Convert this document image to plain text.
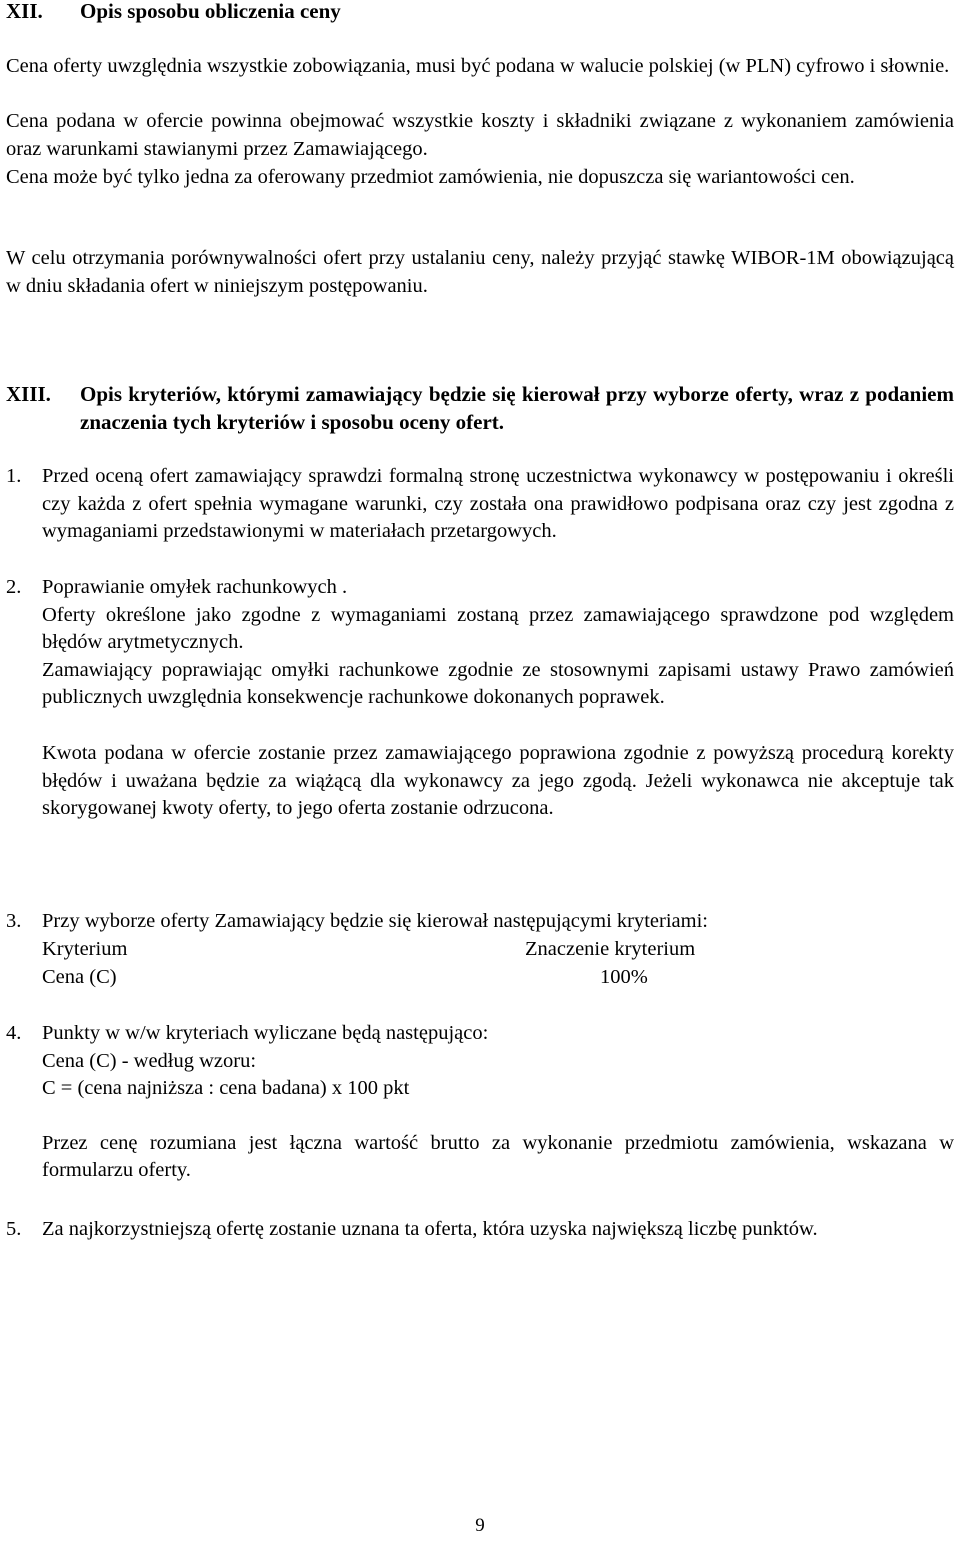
XII. Opis sposobu obliczenia ceny

Cena oferty uwzględnia wszystkie zobowiązania, musi być podana w walucie polskiej (w PLN) cyfrowo i słownie.

Cena podana w ofercie powinna obejmować wszystkie koszty i składniki związane z wykonaniem zamówienia oraz warunkami stawianymi przez Zamawiającego.

Cena może być tylko jedna za oferowany przedmiot zamówienia, nie dopuszcza się wariantowości cen.

W celu otrzymania porównywalności ofert przy ustalaniu ceny, należy przyjąć stawkę WIBOR-1M obowiązującą w dniu składania ofert w niniejszym postępowaniu.

XIII. Opis kryteriów, którymi zamawiający będzie się kierował przy wyborze oferty, wraz z podaniem znaczenia tych kryteriów i sposobu oceny ofert.
1. Przed oceną ofert zamawiający sprawdzi formalną stronę uczestnictwa wykonawcy w postępowaniu i określi czy każda z ofert spełnia wymagane warunki, czy została ona prawidłowo podpisana oraz czy jest zgodna z wymaganiami przedstawionymi w materiałach przetargowych.

2. Poprawianie omyłek rachunkowych .

Oferty określone jako zgodne z wymaganiami zostaną przez zamawiającego sprawdzone pod względem błędów arytmetycznych.

Zamawiający poprawiając omyłki rachunkowe zgodnie ze stosownymi zapisami ustawy Prawo zamówień publicznych uwzględnia konsekwencje rachunkowe dokonanych poprawek.

Kwota podana w ofercie zostanie przez zamawiającego poprawiona zgodnie z powyższą procedurą korekty błędów i uważana będzie za wiążącą dla wykonawcy za jego zgodą. Jeżeli wykonawca nie akceptuje tak skorygowanej kwoty oferty, to jego oferta zostanie odrzucona.

3. Przy wyborze oferty Zamawiający będzie się kierował następującymi kryteriami:

Kryterium	Znaczenie kryterium
Cena (C)	100%
4. Punkty w w/w kryteriach wyliczane będą następująco:

Cena (C) - według wzoru:

C = (cena najniższa : cena badana) x 100 pkt

Przez cenę rozumiana jest łączna wartość brutto za wykonanie przedmiotu zamówienia, wskazana w formularzu oferty.

5. Za najkorzystniejszą ofertę zostanie uznana ta oferta, która uzyska największą liczbę punktów.

9
